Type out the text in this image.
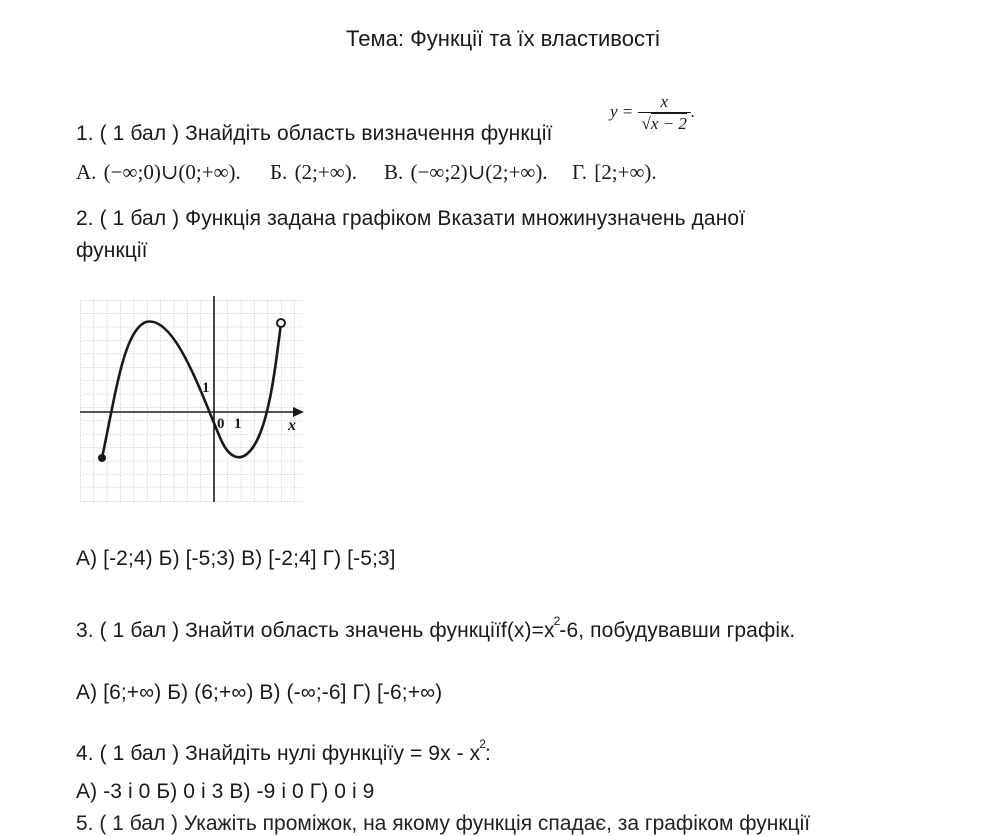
Тема: Функції та їх властивості
1. ( 1 бал ) Знайдіть область визначення функції
$y = \frac{x}{√x - 2}$ .
А. (−∞;0)∪(0;+∞). Б. (2;+∞). В. (−∞;2)∪(2;+∞). Г. [2;+∞).
2. ( 1 бал ) Функція задана графіком Вказати множинузначень даної
функції
1
0 1	x
А) [-2;4) Б) [-5;3) В) [-2;4] Г) [-5;3]
3. ( 1 бал ) Знайти область значень $функціїf(x)=x^2-6$, побудувавши графік.
А) [6;+∞) Б) (6;+∞) В) (-∞;-6] Г) [-6;+∞)
4. ( 1 бал ) Знайдіть нулі функціїу = $9х - х^2$:
А) -3 і 0 Б) 0 і 3 В) -9 і 0 Г) 0 і 9
5. ( 1 бал ) Укажіть проміжок, на якому функція спадає, за графіком функції
